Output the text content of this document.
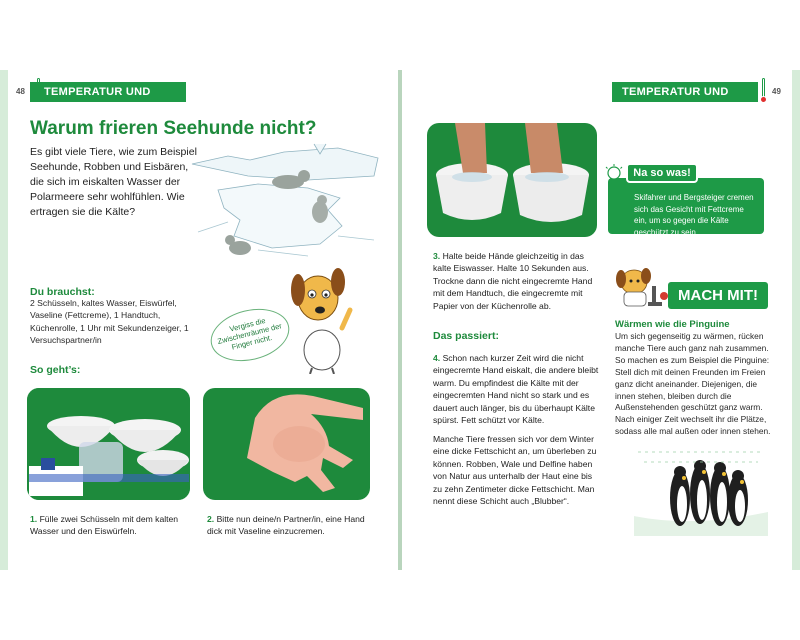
48	TEMPERATUR UND WÄRME
TEMPERATUR UND WÄRME
49
Warum frieren Seehunde nicht?
Es gibt viele Tiere, wie zum Beispiel Seehunde, Robben und Eisbären, die sich im eiskalten Wasser der Polarmeere sehr wohlfühlen. Wie ertragen sie die Kälte?
Du brauchst:
2 Schüsseln, kaltes Wasser, Eiswürfel, Vaseline (Fettcreme), 1 Handtuch, Küchenrolle, 1 Uhr mit Sekundenzeiger, 1 Versuchspartner/in
Vergiss die Zwischenräume der Finger nicht.
So geht’s:
1. Fülle zwei Schüsseln mit dem kalten Wasser und den Eiswürfeln.
2. Bitte nun deine/n Partner/in, eine Hand dick mit Vaseline einzucremen.
3. Halte beide Hände gleichzeitig in das kalte Eiswasser. Halte 10 Sekunden aus. Trockne dann die nicht eingecremte Hand mit dem Handtuch, die eingecremte mit Papier von der Küchenrolle ab.
Das passiert:
4. Schon nach kurzer Zeit wird die nicht eingecremte Hand eiskalt, die andere bleibt warm. Du empfindest die Kälte mit der eingecremten Hand nicht so stark und es dauert auch länger, bis du überhaupt Kälte spürst. Fett schützt vor Kälte.
Manche Tiere fressen sich vor dem Winter eine dicke Fettschicht an, um überleben zu können. Robben, Wale und Delfine haben von Natur aus unterhalb der Haut eine bis zu zehn Zentimeter dicke Fettschicht. Man nennt diese Schicht auch „Blubber“.
Skifahrer und Bergsteiger cremen sich das Gesicht mit Fettcreme ein, um so gegen die Kälte geschützt zu sein.
Na so was!
MACH MIT!
Wärmen wie die Pinguine
Um sich gegenseitig zu wärmen, rücken manche Tiere auch ganz nah zusammen. So machen es zum Beispiel die Pinguine: Stell dich mit deinen Freunden im Freien ganz dicht aneinander. Diejenigen, die innen stehen, bleiben durch die Außenstehenden geschützt ganz warm. Nach einiger Zeit wechselt ihr die Plätze, sodass alle mal außen oder innen stehen.
